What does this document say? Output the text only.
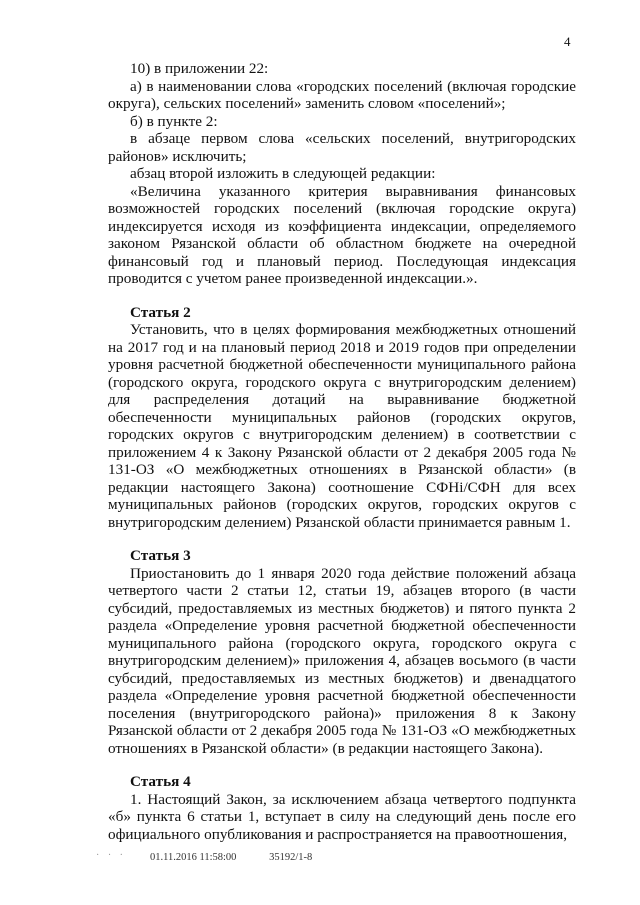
4

10) в приложении 22:

а) в наименовании слова «городских поселений (включая городские округа), сельских поселений» заменить словом «поселений»;

б) в пункте 2:

в абзаце первом слова «сельских поселений, внутригородских районов» исключить;

абзац второй изложить в следующей редакции:

«Величина указанного критерия выравнивания финансовых возможностей городских поселений (включая городские округа) индексируется исходя из коэффициента индексации, определяемого законом Рязанской области об областном бюджете на очередной финансовый год и плановый период. Последующая индексация проводится с учетом ранее произведенной индексации.».

Статья 2

Установить, что в целях формирования межбюджетных отношений на 2017 год и на плановый период 2018 и 2019 годов при определении уровня расчетной бюджетной обеспеченности муниципального района (городского округа, городского округа с внутригородским делением) для распределения дотаций на выравнивание бюджетной обеспеченности муниципальных районов (городских округов, городских округов с внутригородским делением) в соответствии с приложением 4 к Закону Рязанской области от 2 декабря 2005 года № 131-ОЗ «О межбюджетных отношениях в Рязанской области» (в редакции настоящего Закона) соотношение СФНi/СФН для всех муниципальных районов (городских округов, городских округов с внутригородским делением) Рязанской области принимается равным 1.

Статья 3

Приостановить до 1 января 2020 года действие положений абзаца четвертого части 2 статьи 12, статьи 19, абзацев второго (в части субсидий, предоставляемых из местных бюджетов) и пятого пункта 2 раздела «Определение уровня расчетной бюджетной обеспеченности муниципального района (городского округа, городского округа с внутригородским делением)» приложения 4, абзацев восьмого (в части субсидий, предоставляемых из местных бюджетов) и двенадцатого раздела «Определение уровня расчетной бюджетной обеспеченности поселения (внутригородского района)» приложения 8 к Закону Рязанской области от 2 декабря 2005 года № 131-ОЗ «О межбюджетных отношениях в Рязанской области» (в редакции настоящего Закона).

Статья 4

1. Настоящий Закон, за исключением абзаца четвертого подпункта «б» пункта 6 статьи 1, вступает в силу на следующий день после его официального опубликования и распространяется на правоотношения,

· · · 01.11.2016 11:58:00	35192/1-8
